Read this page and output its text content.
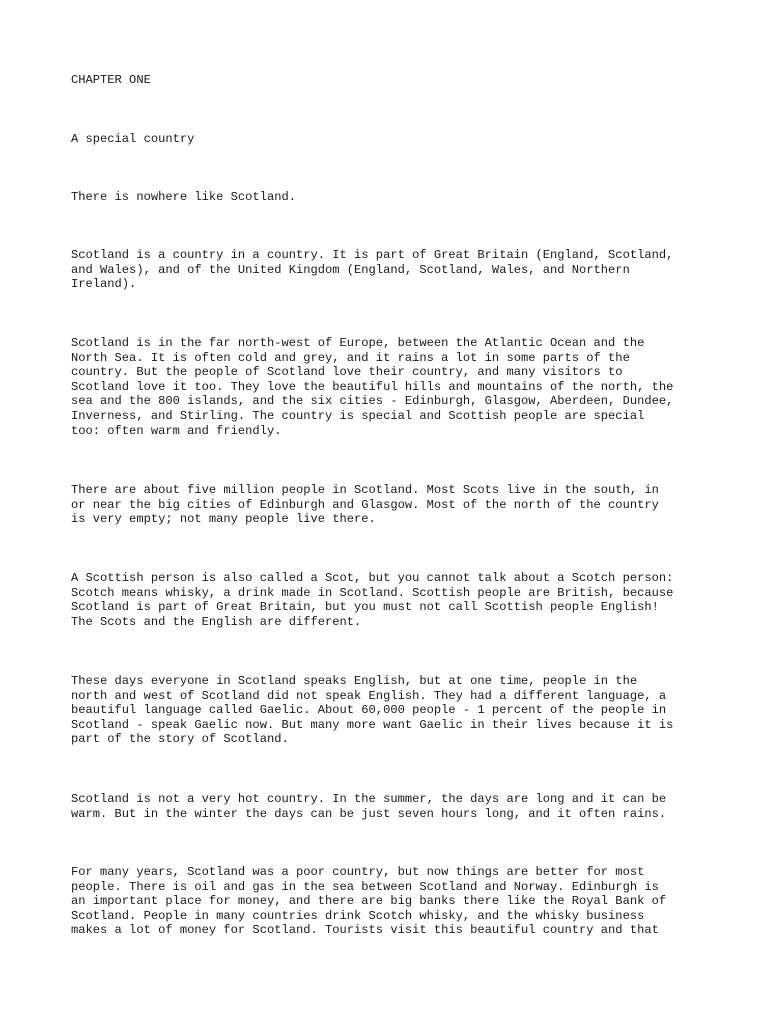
CHAPTER ONE
A special country
There is nowhere like Scotland.
Scotland is a country in a country. It is part of Great Britain (England, Scotland,
and Wales), and of the United Kingdom (England, Scotland, Wales, and Northern
Ireland).
Scotland is in the far north-west of Europe, between the Atlantic Ocean and the
North Sea. It is often cold and grey, and it rains a lot in some parts of the
country. But the people of Scotland love their country, and many visitors to
Scotland love it too. They love the beautiful hills and mountains of the north, the
sea and the 800 islands, and the six cities - Edinburgh, Glasgow, Aberdeen, Dundee,
Inverness, and Stirling. The country is special and Scottish people are special
too: often warm and friendly.
There are about five million people in Scotland. Most Scots live in the south, in
or near the big cities of Edinburgh and Glasgow. Most of the north of the country
is very empty; not many people live there.
A Scottish person is also called a Scot, but you cannot talk about a Scotch person:
Scotch means whisky, a drink made in Scotland. Scottish people are British, because
Scotland is part of Great Britain, but you must not call Scottish people English!
The Scots and the English are different.
These days everyone in Scotland speaks English, but at one time, people in the
north and west of Scotland did not speak English. They had a different language, a
beautiful language called Gaelic. About 60,000 people - 1 percent of the people in
Scotland - speak Gaelic now. But many more want Gaelic in their lives because it is
part of the story of Scotland.
Scotland is not a very hot country. In the summer, the days are long and it can be
warm. But in the winter the days can be just seven hours long, and it often rains.
For many years, Scotland was a poor country, but now things are better for most
people. There is oil and gas in the sea between Scotland and Norway. Edinburgh is
an important place for money, and there are big banks there like the Royal Bank of
Scotland. People in many countries drink Scotch whisky, and the whisky business
makes a lot of money for Scotland. Tourists visit this beautiful country and that
